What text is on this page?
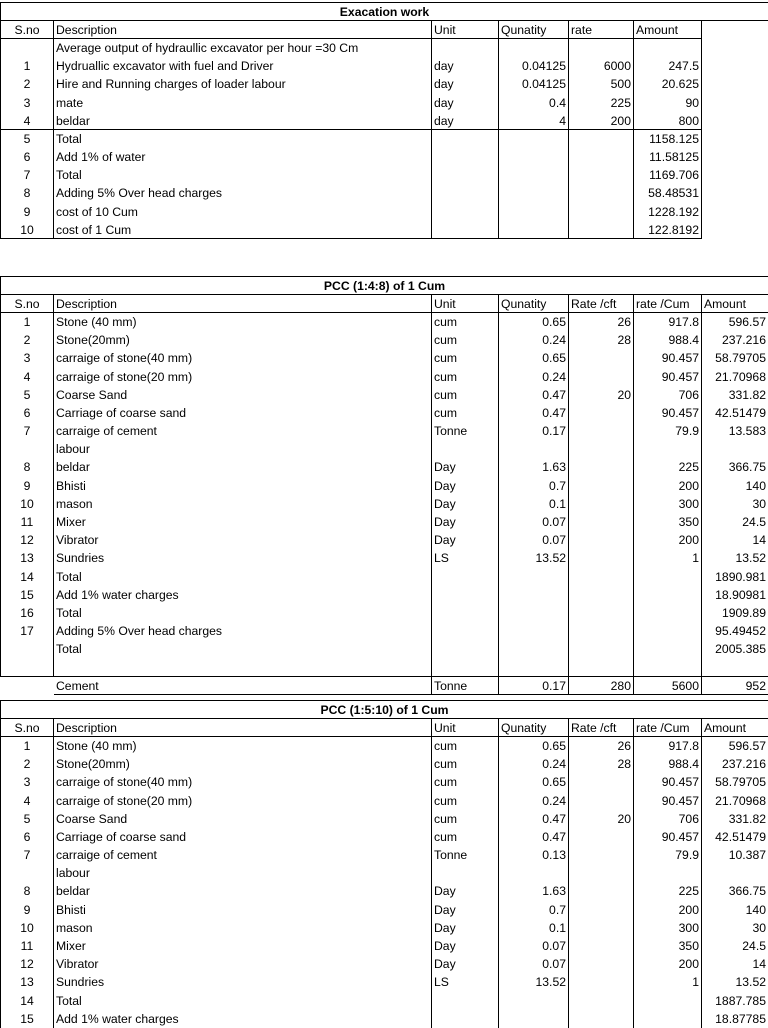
Exacation work						
S.no	Description	Unit	Qunatity	rate	Amount	
	Average output of hydraullic excavator per hour =30 Cm					
1	Hydruallic excavator with fuel and Driver	day	0.04125	6000	247.5	
2	Hire and Running charges of loader labour	day	0.04125	500	20.625	
3	mate	day	0.4	225	90	
4	beldar	day	4	200	800	
5	Total				1158.125	
6	Add 1% of water				11.58125	
7	Total				1169.706	
8	Adding 5% Over head charges				58.48531	
9	cost of 10 Cum				1228.192	
10	cost of 1 Cum				122.8192	
PCC (1:4:8) of 1 Cum						
S.no	Description	Unit	Qunatity	Rate /cft	rate /Cum	Amount
1	Stone (40 mm)	cum	0.65	26	917.8	596.57
2	Stone(20mm)	cum	0.24	28	988.4	237.216
3	carraige of stone(40 mm)	cum	0.65		90.457	58.79705
4	carraige of stone(20 mm)	cum	0.24		90.457	21.70968
5	Coarse Sand	cum	0.47	20	706	331.82
6	Carriage of coarse sand	cum	0.47		90.457	42.51479
7	carraige of cement	Tonne	0.17		79.9	13.583
	labour					
8	beldar	Day	1.63		225	366.75
9	Bhisti	Day	0.7		200	140
10	mason	Day	0.1		300	30
11	Mixer	Day	0.07		350	24.5
12	Vibrator	Day	0.07		200	14
13	Sundries	LS	13.52		1	13.52
14	Total					1890.981
15	Add 1% water charges					18.90981
16	Total					1909.89
17	Adding 5% Over head charges					95.49452
	Total					2005.385

	Cement	Tonne	0.17	280	5600	952
PCC (1:5:10) of 1 Cum						
S.no	Description	Unit	Qunatity	Rate /cft	rate /Cum	Amount
1	Stone (40 mm)	cum	0.65	26	917.8	596.57
2	Stone(20mm)	cum	0.24	28	988.4	237.216
3	carraige of stone(40 mm)	cum	0.65		90.457	58.79705
4	carraige of stone(20 mm)	cum	0.24		90.457	21.70968
5	Coarse Sand	cum	0.47	20	706	331.82
6	Carriage of coarse sand	cum	0.47		90.457	42.51479
7	carraige of cement	Tonne	0.13		79.9	10.387
	labour					
8	beldar	Day	1.63		225	366.75
9	Bhisti	Day	0.7		200	140
10	mason	Day	0.1		300	30
11	Mixer	Day	0.07		350	24.5
12	Vibrator	Day	0.07		200	14
13	Sundries	LS	13.52		1	13.52
14	Total					1887.785
15	Add 1% water charges					18.87785
